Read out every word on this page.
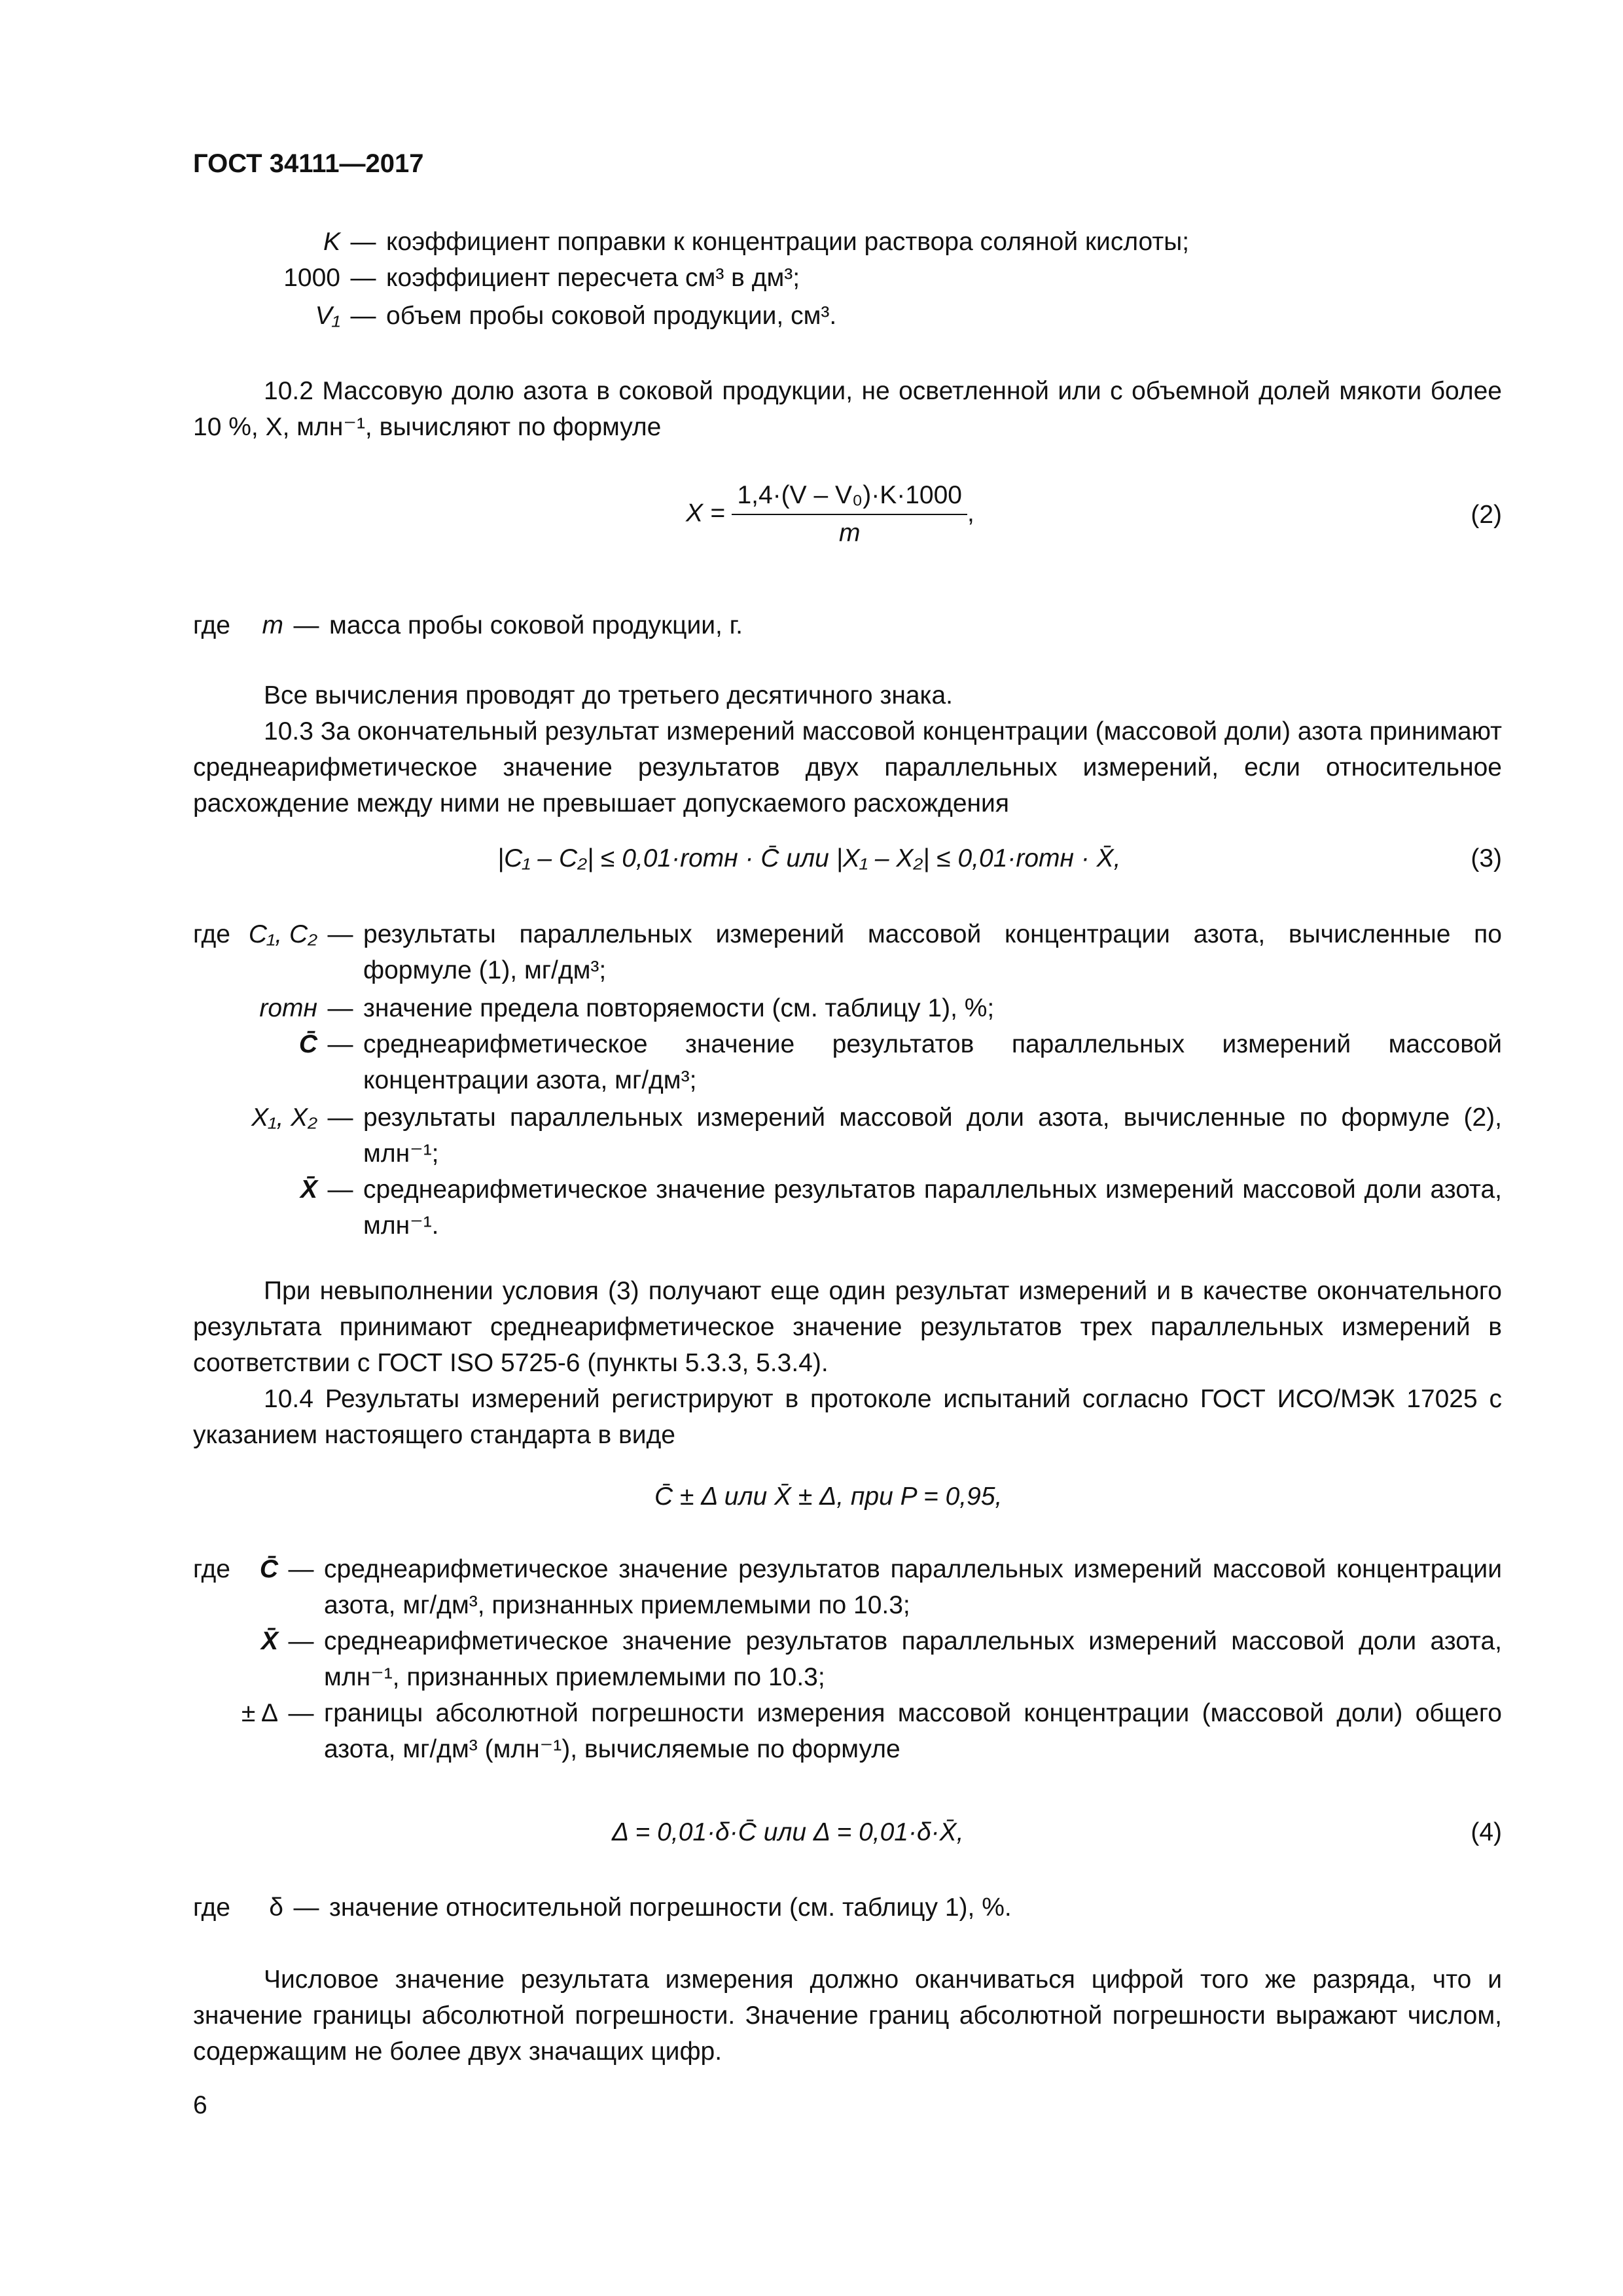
ГОСТ 34111—2017
K — коэффициент поправки к концентрации раствора соляной кислоты;
1000 — коэффициент пересчета см³ в дм³;
V₁ — объем пробы соковой продукции, см³.
10.2 Массовую долю азота в соковой продукции, не осветленной или с объемной долей мякоти более 10 %, X, млн⁻¹, вычисляют по формуле
$X = \frac{\text{1,4·(V – V₀)·K·1000}}{m}$ ,	(2)
где	m — масса пробы соковой продукции, г.
Все вычисления проводят до третьего десятичного знака.
10.3 За окончательный результат измерений массовой концентрации (массовой доли) азота принимают среднеарифметическое значение результатов двух параллельных измерений, если относительное расхождение между ними не превышает допускаемого расхождения
|C₁ – C₂| ≤ 0,01·rотн · C̄ или |X₁ – X₂| ≤ 0,01·rотн · X̄,	(3)
где C₁, C₂ — результаты параллельных измерений массовой концентрации азота, вычисленные по формуле (1), мг/дм³;
rотн — значение предела повторяемости (см. таблицу 1), %;
C̄ — среднеарифметическое значение результатов параллельных измерений массовой концентрации азота, мг/дм³;
X₁, X₂ — результаты параллельных измерений массовой доли азота, вычисленные по формуле (2), млн⁻¹;
X̄ — среднеарифметическое значение результатов параллельных измерений массовой доли азота, млн⁻¹.
При невыполнении условия (3) получают еще один результат измерений и в качестве окончательного результата принимают среднеарифметическое значение результатов трех параллельных измерений в соответствии с ГОСТ ISO 5725-6 (пункты 5.3.3, 5.3.4).
10.4 Результаты измерений регистрируют в протоколе испытаний согласно ГОСТ ИСО/МЭК 17025 с указанием настоящего стандарта в виде
C̄ ± Δ или X̄ ± Δ, при P = 0,95,
где	C̄ — среднеарифметическое значение результатов параллельных измерений массовой концентрации азота, мг/дм³, признанных приемлемыми по 10.3;
X̄ — среднеарифметическое значение результатов параллельных измерений массовой доли азота, млн⁻¹, признанных приемлемыми по 10.3;
± Δ — границы абсолютной погрешности измерения массовой концентрации (массовой доли) общего азота, мг/дм³ (млн⁻¹), вычисляемые по формуле
Δ = 0,01·δ·C̄ или Δ = 0,01·δ·X̄,	(4)
где	δ — значение относительной погрешности (см. таблицу 1), %.
Числовое значение результата измерения должно оканчиваться цифрой того же разряда, что и значение границы абсолютной погрешности. Значение границ абсолютной погрешности выражают числом, содержащим не более двух значащих цифр.
6
